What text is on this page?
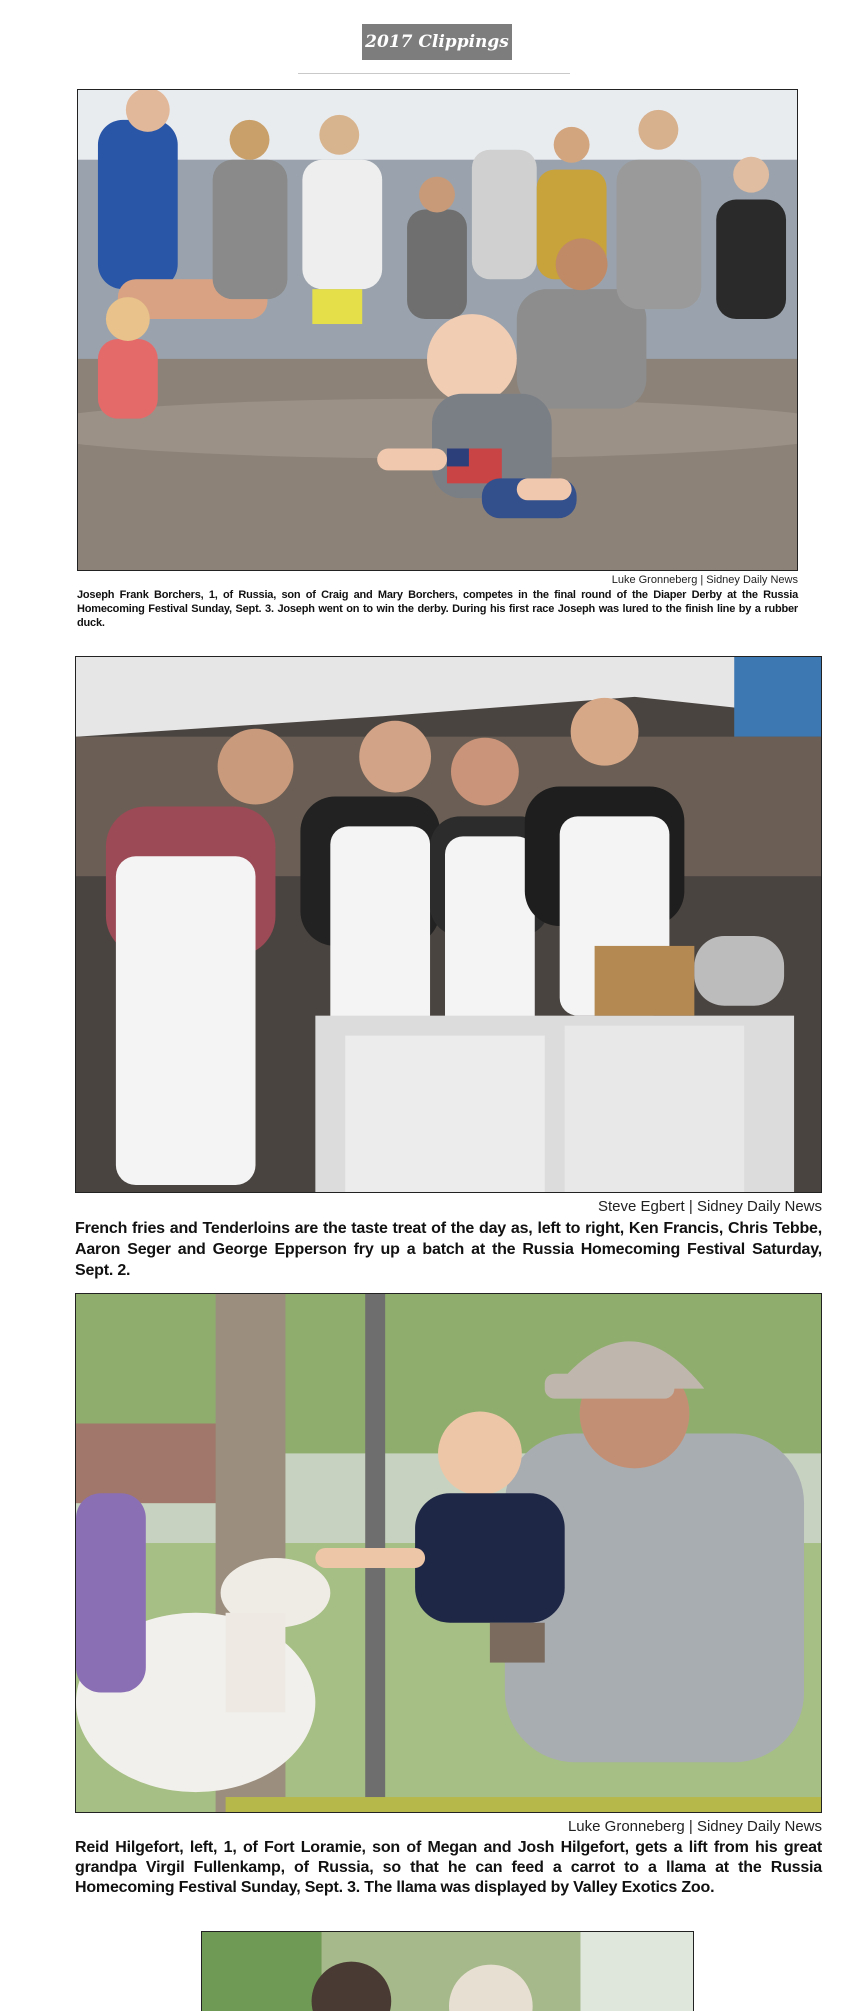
2017 Clippings
Luke Gronneberg | Sidney Daily News
Joseph Frank Borchers, 1, of Russia, son of Craig and Mary Borchers, competes in the final round of the Diaper Derby at the Russia Homecoming Festival Sunday, Sept. 3. Joseph went on to win the derby. During his first race Joseph was lured to the finish line by a rubber duck.
Steve Egbert | Sidney Daily News
French fries and Tenderloins are the taste treat of the day as, left to right, Ken Francis, Chris Tebbe, Aaron Seger and George Epperson fry up a batch at the Russia Homecoming Festival Saturday, Sept. 2.
Luke Gronneberg | Sidney Daily News
Reid Hilgefort, left, 1, of Fort Loramie, son of Megan and Josh Hilgefort, gets a lift from his great grandpa Virgil Fullenkamp, of Russia, so that he can feed a carrot to a llama at the Russia Homecoming Festival Sunday, Sept. 3. The llama was displayed by Valley Exotics Zoo.
